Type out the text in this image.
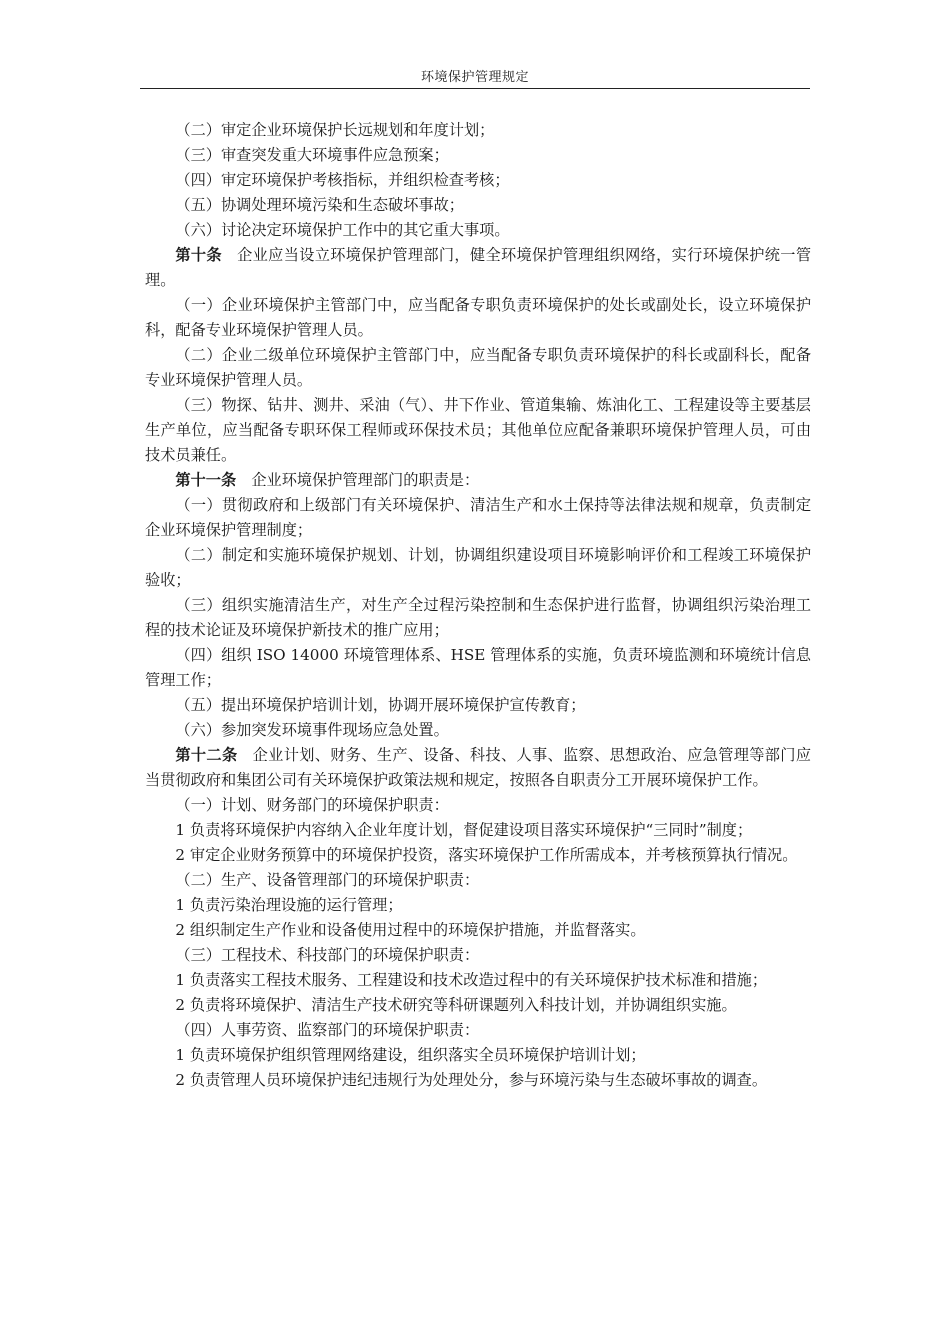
环境保护管理规定

（二）审定企业环境保护长远规划和年度计划；

（三）审查突发重大环境事件应急预案；

（四）审定环境保护考核指标，并组织检查考核；

（五）协调处理环境污染和生态破坏事故；

（六）讨论决定环境保护工作中的其它重大事项。

第十条 企业应当设立环境保护管理部门，健全环境保护管理组织网络，实行环境保护统一管理。

（一）企业环境保护主管部门中，应当配备专职负责环境保护的处长或副处长，设立环境保护科，配备专业环境保护管理人员。

（二）企业二级单位环境保护主管部门中，应当配备专职负责环境保护的科长或副科长，配备专业环境保护管理人员。

（三）物探、钻井、测井、采油（气）、井下作业、管道集输、炼油化工、工程建设等主要基层生产单位，应当配备专职环保工程师或环保技术员；其他单位应配备兼职环境保护管理人员，可由技术员兼任。

第十一条 企业环境保护管理部门的职责是：

（一）贯彻政府和上级部门有关环境保护、清洁生产和水土保持等法律法规和规章，负责制定企业环境保护管理制度；

（二）制定和实施环境保护规划、计划，协调组织建设项目环境影响评价和工程竣工环境保护验收；

（三）组织实施清洁生产，对生产全过程污染控制和生态保护进行监督，协调组织污染治理工程的技术论证及环境保护新技术的推广应用；

（四）组织 ISO 14000 环境管理体系、HSE 管理体系的实施，负责环境监测和环境统计信息管理工作；

（五）提出环境保护培训计划，协调开展环境保护宣传教育；

（六）参加突发环境事件现场应急处置。

第十二条 企业计划、财务、生产、设备、科技、人事、监察、思想政治、应急管理等部门应当贯彻政府和集团公司有关环境保护政策法规和规定，按照各自职责分工开展环境保护工作。

（一）计划、财务部门的环境保护职责：

1 负责将环境保护内容纳入企业年度计划，督促建设项目落实环境保护“三同时”制度；

2 审定企业财务预算中的环境保护投资，落实环境保护工作所需成本，并考核预算执行情况。

（二）生产、设备管理部门的环境保护职责：

1 负责污染治理设施的运行管理；

2 组织制定生产作业和设备使用过程中的环境保护措施，并监督落实。

（三）工程技术、科技部门的环境保护职责：

1 负责落实工程技术服务、工程建设和技术改造过程中的有关环境保护技术标准和措施；

2 负责将环境保护、清洁生产技术研究等科研课题列入科技计划，并协调组织实施。

（四）人事劳资、监察部门的环境保护职责：

1 负责环境保护组织管理网络建设，组织落实全员环境保护培训计划；

2 负责管理人员环境保护违纪违规行为处理处分，参与环境污染与生态破坏事故的调查。
